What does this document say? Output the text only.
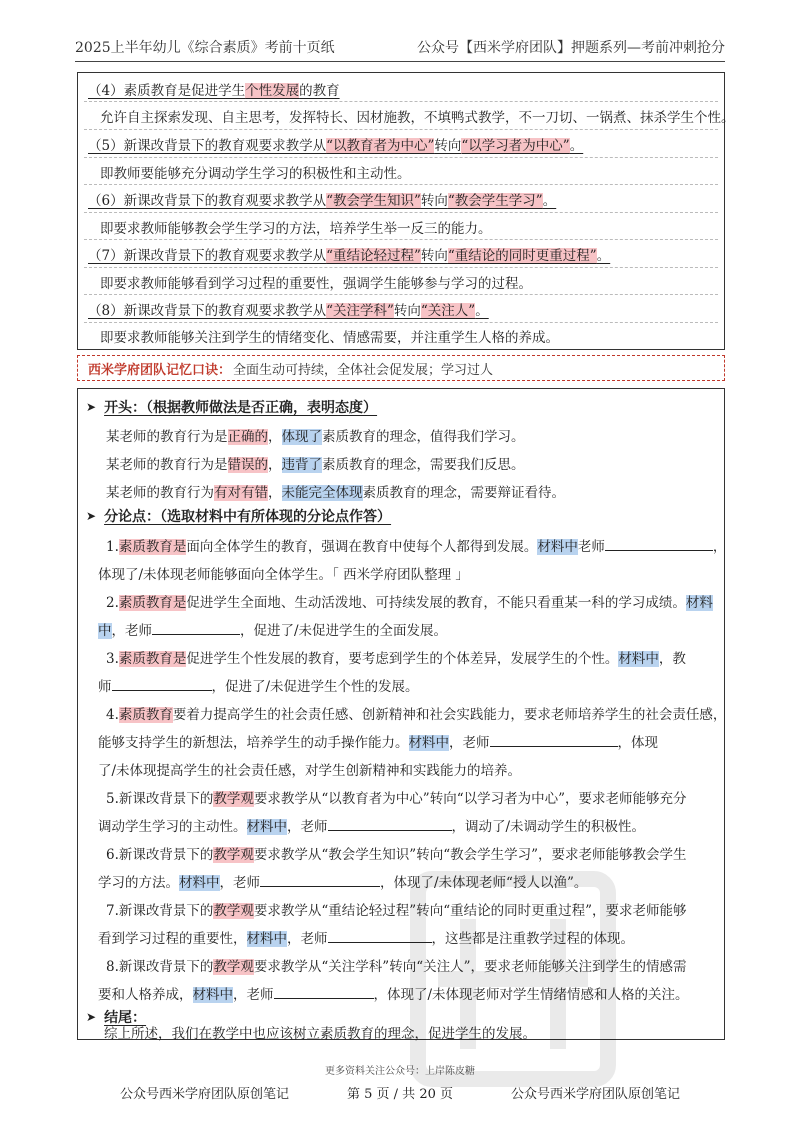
2025上半年幼儿《综合素质》考前十页纸	公众号【西米学府团队】押题系列—考前冲刺抢分
（4）素质教育是促进学生个性发展的教育
允许自主探索发现、自主思考，发挥特长、因材施教，不填鸭式教学，不一刀切、一锅煮、抹杀学生个性。
（5）新课改背景下的教育观要求教学从“以教育者为中心”转向“以学习者为中心”。
即教师要能够充分调动学生学习的积极性和主动性。
（6）新课改背景下的教育观要求教学从“教会学生知识”转向“教会学生学习”。
即要求教师能够教会学生学习的方法，培养学生举一反三的能力。
（7）新课改背景下的教育观要求教学从“重结论轻过程”转向“重结论的同时更重过程”。
即要求教师能够看到学习过程的重要性，强调学生能够参与学习的过程。
（8）新课改背景下的教育观要求教学从“关注学科”转向“关注人”。
即要求教师能够关注到学生的情绪变化、情感需要，并注重学生人格的养成。
西米学府团队记忆口诀： 全面生动可持续，全体社会促发展；学习过人
➤ 开头：（根据教师做法是否正确，表明态度）
某老师的教育行为是正确的，体现了素质教育的理念，值得我们学习。
某老师的教育行为是错误的，违背了素质教育的理念，需要我们反思。
某老师的教育行为有对有错，未能完全体现素质教育的理念，需要辩证看待。
➤ 分论点：（选取材料中有所体现的分论点作答）
1.素质教育是面向全体学生的教育，强调在教育中使每个人都得到发展。材料中老师	，
体现了/未体现老师能够面向全体学生。「 西米学府团队整理 」
2.素质教育是促进学生全面地、生动活泼地、可持续发展的教育，不能只看重某一科的学习成绩。材料
中，老师	，促进了/未促进学生的全面发展。
3.素质教育是促进学生个性发展的教育，要考虑到学生的个体差异，发展学生的个性。材料中，教
师	，促进了/未促进学生个性的发展。
4.素质教育要着力提高学生的社会责任感、创新精神和社会实践能力，要求老师培养学生的社会责任感，
能够支持学生的新想法，培养学生的动手操作能力。材料中，老师	，体现
了/未体现提高学生的社会责任感，对学生创新精神和实践能力的培养。
5.新课改背景下的教学观要求教学从“以教育者为中心”转向“以学习者为中心”，要求老师能够充分
调动学生学习的主动性。材料中，老师	，调动了/未调动学生的积极性。
6.新课改背景下的教学观要求教学从“教会学生知识”转向“教会学生学习”，要求老师能够教会学生
学习的方法。材料中，老师	，体现了/未体现老师“授人以渔”。
7.新课改背景下的教学观要求教学从“重结论轻过程”转向“重结论的同时更重过程”，要求老师能够
看到学习过程的重要性，材料中，老师	，这些都是注重教学过程的体现。
8.新课改背景下的教学观要求教学从“关注学科”转向“关注人”，要求老师能够关注到学生的情感需
要和人格养成，材料中，老师	，体现了/未体现老师对学生情绪情感和人格的关注。
➤ 结尾：
综上所述，我们在教学中也应该树立素质教育的理念，促进学生的发展。
更多资料关注公众号：上岸陈皮糖
公众号西米学府团队原创笔记	第 5 页 / 共 20 页	公众号西米学府团队原创笔记
